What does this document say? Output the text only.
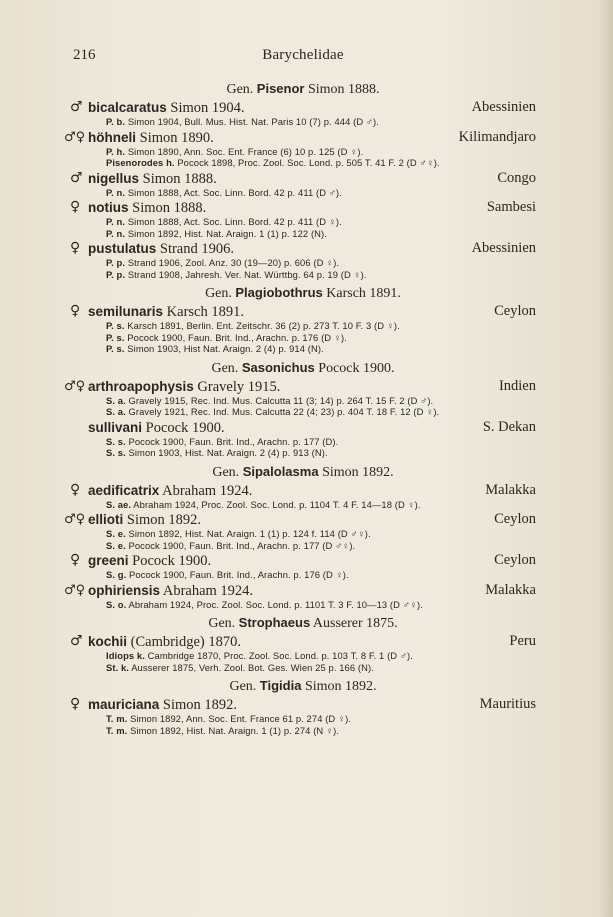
216	Barychelidae
Gen. Pisenor Simon 1888.
♂ bicalcaratus Simon 1904.	Abessinien
P. b. Simon 1904, Bull. Mus. Hist. Nat. Paris 10 (7) p. 444 (D ♂).
♂♀ höhneli Simon 1890.	Kilimandjaro
P. h. Simon 1890, Ann. Soc. Ent. France (6) 10 p. 125 (D ♀).
Pisenorodes h. Pocock 1898, Proc. Zool. Soc. Lond. p. 505 T. 41 F. 2 (D ♂♀).
♂ nigellus Simon 1888.	Congo
P. n. Simon 1888, Act. Soc. Linn. Bord. 42 p. 411 (D ♂).
♀ notius Simon 1888.	Sambesi
P. n. Simon 1888, Act. Soc. Linn. Bord. 42 p. 411 (D ♀).
P. n. Simon 1892, Hist. Nat. Araign. 1 (1) p. 122 (N).
♀ pustulatus Strand 1906.	Abessinien
P. p. Strand 1906, Zool. Anz. 30 (19—20) p. 606 (D ♀).
P. p. Strand 1908, Jahresh. Ver. Nat. Württbg. 64 p. 19 (D ♀).
Gen. Plagiobothrus Karsch 1891.
♀ semilunaris Karsch 1891.	Ceylon
P. s. Karsch 1891, Berlin. Ent. Zeitschr. 36 (2) p. 273 T. 10 F. 3 (D ♀).
P. s. Pocock 1900, Faun. Brit. Ind., Arachn. p. 176 (D ♀).
P. s. Simon 1903, Hist Nat. Araign. 2 (4) p. 914 (N).
Gen. Sasonichus Pocock 1900.
♂♀ arthroapophysis Gravely 1915.	Indien
S. a. Gravely 1915, Rec. Ind. Mus. Calcutta 11 (3; 14) p. 264 T. 15 F. 2 (D ♂).
S. a. Gravely 1921, Rec. Ind. Mus. Calcutta 22 (4; 23) p. 404 T. 18 F. 12 (D ♀).
sullivani Pocock 1900.	S. Dekan
S. s. Pocock 1900, Faun. Brit. Ind., Arachn. p. 177 (D).
S. s. Simon 1903, Hist. Nat. Araign. 2 (4) p. 913 (N).
Gen. Sipalolasma Simon 1892.
♀ aedificatrix Abraham 1924.	Malakka
S. ae. Abraham 1924, Proc. Zool. Soc. Lond. p. 1104 T. 4 F. 14—18 (D ♀).
♂♀ ellioti Simon 1892.	Ceylon
S. e. Simon 1892, Hist. Nat. Araign. 1 (1) p. 124 f. 114 (D ♂♀).
S. e. Pocock 1900, Faun. Brit. Ind., Arachn. p. 177 (D ♂♀).
♀ greeni Pocock 1900.	Ceylon
S. g. Pocock 1900, Faun. Brit. Ind., Arachn. p. 176 (D ♀).
♂♀ ophiriensis Abraham 1924.	Malakka
S. o. Abraham 1924, Proc. Zool. Soc. Lond. p. 1101 T. 3 F. 10—13 (D ♂♀).
Gen. Strophaeus Ausserer 1875.
♂ kochii (Cambridge) 1870.	Peru
Idiops k. Cambridge 1870, Proc. Zool. Soc. Lond. p. 103 T. 8 F. 1 (D ♂).
St. k. Ausserer 1875, Verh. Zool. Bot. Ges. Wien 25 p. 166 (N).
Gen. Tigidia Simon 1892.
♀ mauriciana Simon 1892.	Mauritius
T. m. Simon 1892, Ann. Soc. Ent. France 61 p. 274 (D ♀).
T. m. Simon 1892, Hist. Nat. Araign. 1 (1) p. 274 (N ♀).
